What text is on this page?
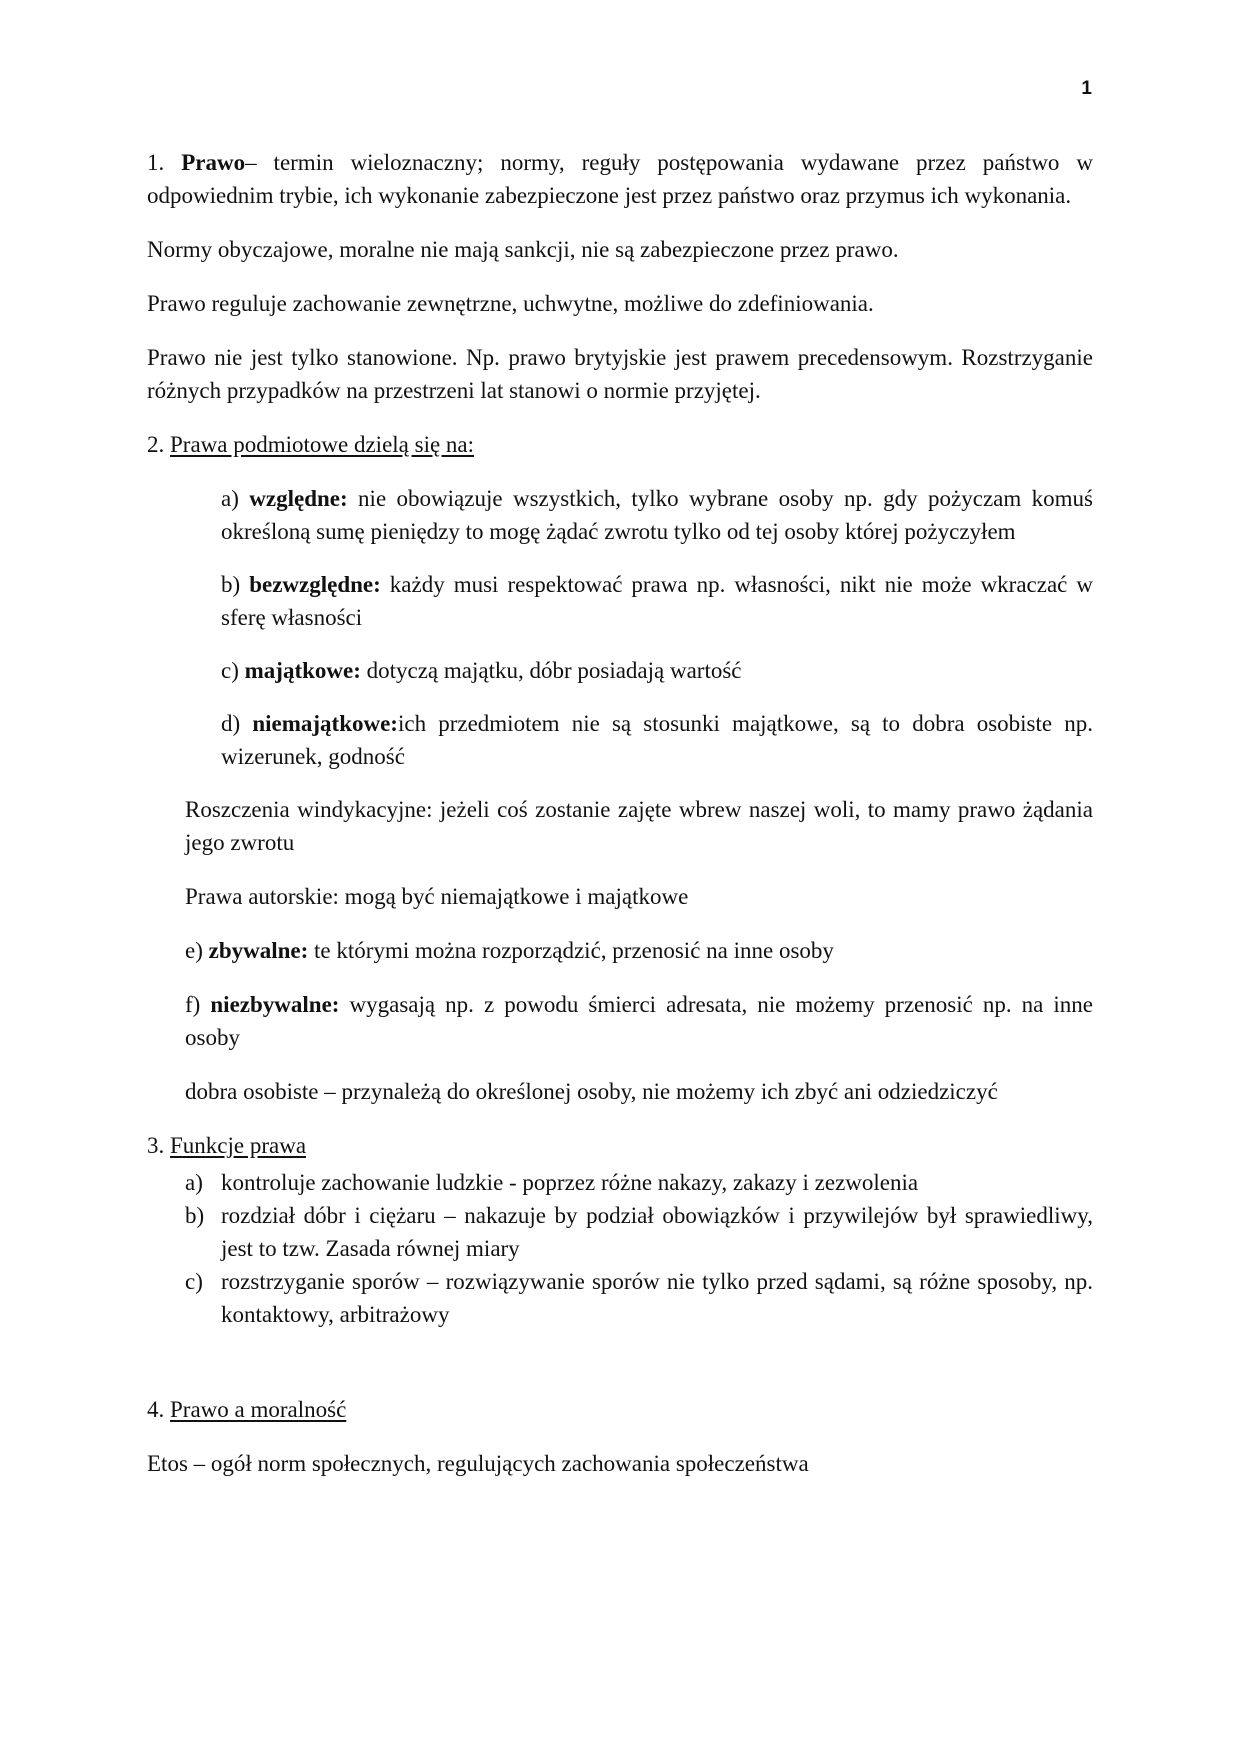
1

1. Prawo– termin wieloznaczny; normy, reguły postępowania wydawane przez państwo w odpowiednim trybie, ich wykonanie zabezpieczone jest przez państwo oraz przymus ich wykonania.

Normy obyczajowe, moralne nie mają sankcji, nie są zabezpieczone przez prawo.

Prawo reguluje zachowanie zewnętrzne, uchwytne, możliwe do zdefiniowania.

Prawo nie jest tylko stanowione. Np. prawo brytyjskie jest prawem precedensowym. Rozstrzyganie różnych przypadków na przestrzeni lat stanowi o normie przyjętej.

2. Prawa podmiotowe dzielą się na:

a) względne: nie obowiązuje wszystkich, tylko wybrane osoby np. gdy pożyczam komuś określoną sumę pieniędzy to mogę żądać zwrotu tylko od tej osoby której pożyczyłem

b) bezwzględne: każdy musi respektować prawa np. własności, nikt nie może wkraczać w sferę własności

c) majątkowe: dotyczą majątku, dóbr posiadają wartość

d) niemajątkowe:ich przedmiotem nie są stosunki majątkowe, są to dobra osobiste np. wizerunek, godność

Roszczenia windykacyjne: jeżeli coś zostanie zajęte wbrew naszej woli, to mamy prawo żądania jego zwrotu

Prawa autorskie: mogą być niemajątkowe i majątkowe

e) zbywalne: te którymi można rozporządzić, przenosić na inne osoby

f) niezbywalne: wygasają np. z powodu śmierci adresata, nie możemy przenosić np. na inne osoby

dobra osobiste – przynależą do określonej osoby, nie możemy ich zbyć ani odziedziczyć

3. Funkcje prawa

a) kontroluje zachowanie ludzkie - poprzez różne nakazy, zakazy i zezwolenia
b) rozdział dóbr i ciężaru – nakazuje by podział obowiązków i przywilejów był sprawiedliwy, jest to tzw. Zasada równej miary
c) rozstrzyganie sporów – rozwiązywanie sporów nie tylko przed sądami, są różne sposoby, np. kontaktowy, arbitrażowy

4. Prawo a moralność

Etos – ogół norm społecznych, regulujących zachowania społeczeństwa
